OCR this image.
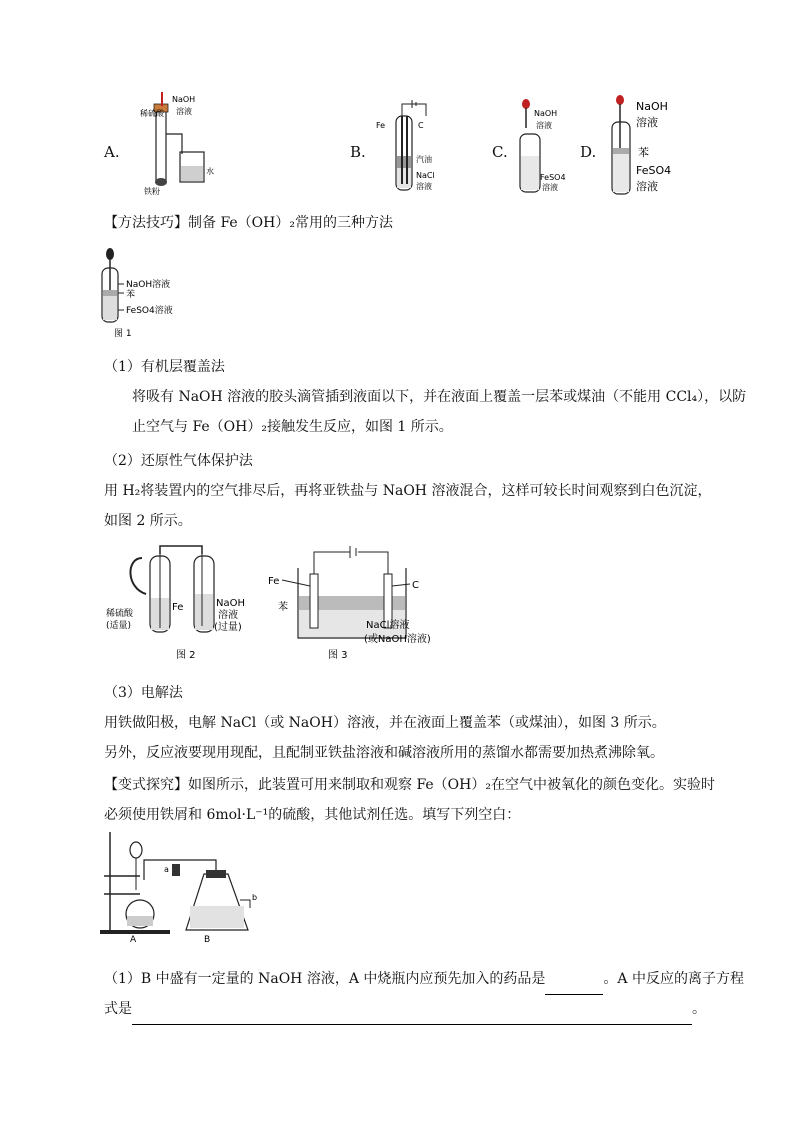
A.
稀硫酸
NaOH
溶液
铁粉
水
B.
Fe	C
汽油
NaCl
溶液
C.
NaOH
溶液
FeSO4
溶液
D.
NaOH
溶液
苯
FeSO4
溶液
【方法技巧】制备 Fe（OH）₂常用的三种方法
NaOH溶液
苯
FeSO4溶液
图 1
（1）有机层覆盖法
将吸有 NaOH 溶液的胶头滴管插到液面以下，并在液面上覆盖一层苯或煤油（不能用 CCl₄），以防止空气与 Fe（OH）₂接触发生反应，如图 1 所示。
（2）还原性气体保护法
用 H₂将装置内的空气排尽后，再将亚铁盐与 NaOH 溶液混合，这样可较长时间观察到白色沉淀，如图 2 所示。
稀硫酸
(适量)
Fe	NaOH
溶液
(过量)
图 2
Fe	C
苯
NaCl溶液
(或NaOH溶液)
图 3
（3）电解法
用铁做阳极，电解 NaCl（或 NaOH）溶液，并在液面上覆盖苯（或煤油），如图 3 所示。
另外，反应液要现用现配，且配制亚铁盐溶液和碱溶液所用的蒸馏水都需要加热煮沸除氧。
【变式探究】如图所示，此装置可用来制取和观察 Fe（OH）₂在空气中被氧化的颜色变化。实验时必须使用铁屑和 6mol·L⁻¹的硫酸，其他试剂任选。填写下列空白：
a
b
A	B
（1）B 中盛有一定量的 NaOH 溶液，A 中烧瓶内应预先加入的药品是	。A 中反应的离子方程
式是	。
